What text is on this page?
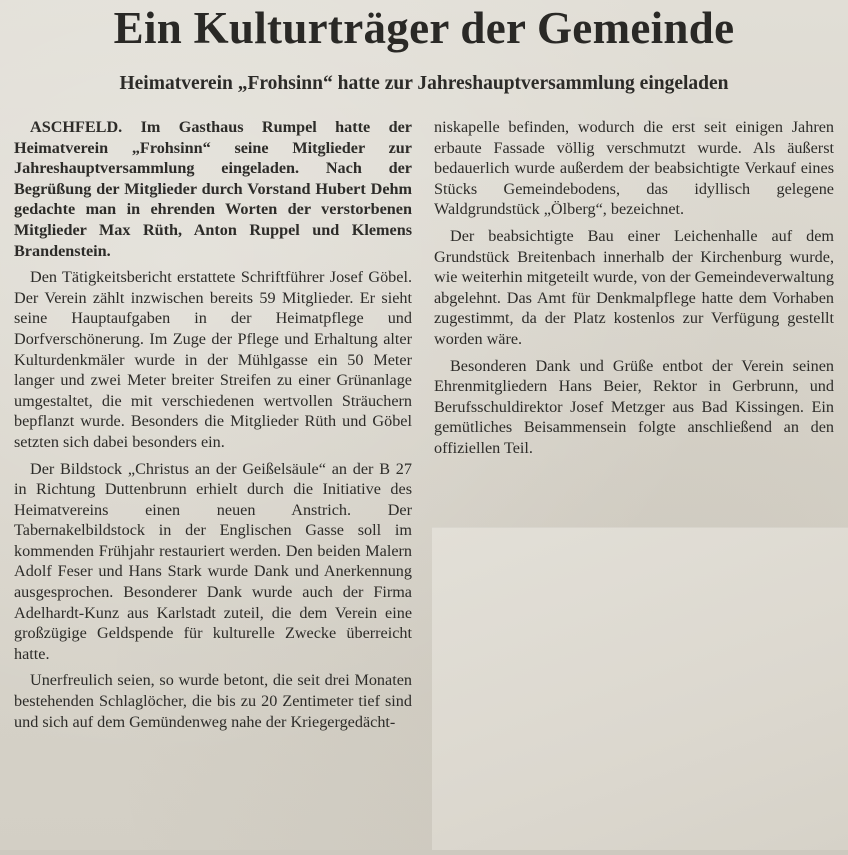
Ein Kulturträger der Gemeinde
Heimatverein „Frohsinn“ hatte zur Jahreshauptversammlung eingeladen

ASCHFELD. Im Gasthaus Rumpel hatte der Heimatverein „Frohsinn“ seine Mitglieder zur Jahreshauptversammlung eingeladen. Nach der Begrüßung der Mitglieder durch Vorstand Hubert Dehm gedachte man in ehrenden Worten der verstorbenen Mitglieder Max Rüth, Anton Ruppel und Klemens Brandenstein.

Den Tätigkeitsbericht erstattete Schriftführer Josef Göbel. Der Verein zählt inzwischen bereits 59 Mitglieder. Er sieht seine Hauptaufgaben in der Heimatpflege und Dorfverschönerung. Im Zuge der Pflege und Erhaltung alter Kulturdenkmäler wurde in der Mühlgasse ein 50 Meter langer und zwei Meter breiter Streifen zu einer Grünanlage umgestaltet, die mit verschiedenen wertvollen Sträuchern bepflanzt wurde. Besonders die Mitglieder Rüth und Göbel setzten sich dabei besonders ein.

Der Bildstock „Christus an der Geißelsäule“ an der B 27 in Richtung Duttenbrunn erhielt durch die Initiative des Heimatvereins einen neuen Anstrich. Der Tabernakelbildstock in der Englischen Gasse soll im kommenden Frühjahr restauriert werden. Den beiden Malern Adolf Feser und Hans Stark wurde Dank und Anerkennung ausgesprochen. Besonderer Dank wurde auch der Firma Adelhardt-Kunz aus Karlstadt zuteil, die dem Verein eine großzügige Geldspende für kulturelle Zwecke überreicht hatte.

Unerfreulich seien, so wurde betont, die seit drei Monaten bestehenden Schlaglöcher, die bis zu 20 Zentimeter tief sind und sich auf dem Gemündenweg nahe der Kriegergedächt-

niskapelle befinden, wodurch die erst seit einigen Jahren erbaute Fassade völlig verschmutzt wurde. Als äußerst bedauerlich wurde außerdem der beabsichtigte Verkauf eines Stücks Gemeindebodens, das idyllisch gelegene Waldgrundstück „Ölberg“, bezeichnet.

Der beabsichtigte Bau einer Leichenhalle auf dem Grundstück Breitenbach innerhalb der Kirchenburg wurde, wie weiterhin mitgeteilt wurde, von der Gemeindeverwaltung abgelehnt. Das Amt für Denkmalpflege hatte dem Vorhaben zugestimmt, da der Platz kostenlos zur Verfügung gestellt worden wäre.

Besonderen Dank und Grüße entbot der Verein seinen Ehrenmitgliedern Hans Beier, Rektor in Gerbrunn, und Berufsschuldirektor Josef Metzger aus Bad Kissingen. Ein gemütliches Beisammensein folgte anschließend an den offiziellen Teil.
